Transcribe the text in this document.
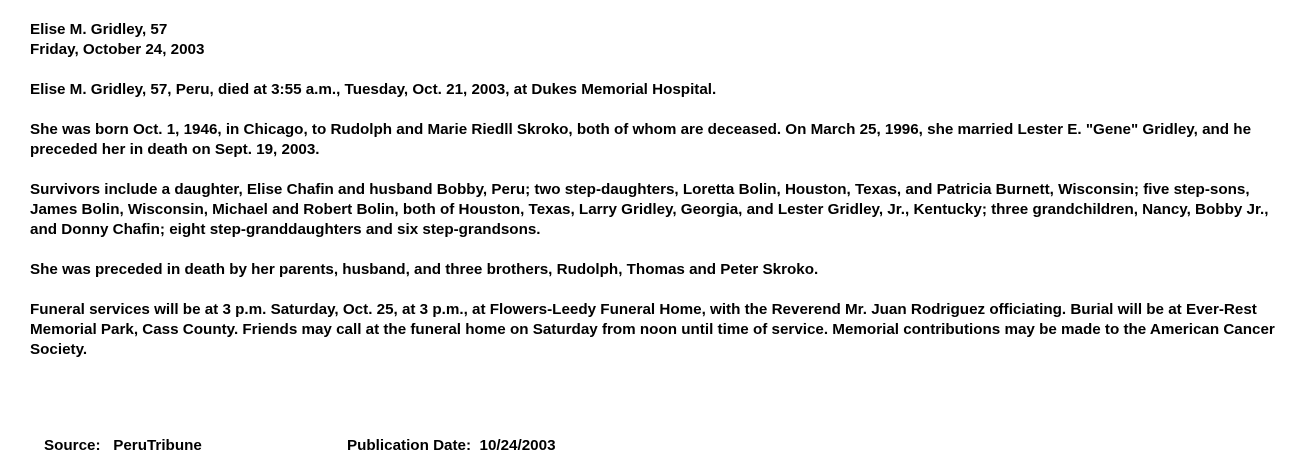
Elise M. Gridley, 57
Friday, October 24, 2003

Elise M. Gridley, 57, Peru, died at 3:55 a.m., Tuesday, Oct. 21, 2003, at Dukes Memorial Hospital.

She was born Oct. 1, 1946, in Chicago, to Rudolph and Marie Riedll Skroko, both of whom are deceased. On March 25, 1996, she married Lester E. "Gene" Gridley, and he preceded her in death on Sept. 19, 2003.

Survivors include a daughter, Elise Chafin and husband Bobby, Peru; two step-daughters, Loretta Bolin, Houston, Texas, and Patricia Burnett, Wisconsin; five step-sons, James Bolin, Wisconsin, Michael and Robert Bolin, both of Houston, Texas, Larry Gridley, Georgia, and Lester Gridley, Jr., Kentucky; three grandchildren, Nancy, Bobby Jr., and Donny Chafin; eight step-granddaughters and six step-grandsons.

She was preceded in death by her parents, husband, and three brothers, Rudolph, Thomas and Peter Skroko.

Funeral services will be at 3 p.m. Saturday, Oct. 25, at 3 p.m., at Flowers-Leedy Funeral Home, with the Reverend Mr. Juan Rodriguez officiating. Burial will be at Ever-Rest Memorial Park, Cass County. Friends may call at the funeral home on Saturday from noon until time of service. Memorial contributions may be made to the American Cancer Society.

Source: PeruTribune	Publication Date: 10/24/2003
